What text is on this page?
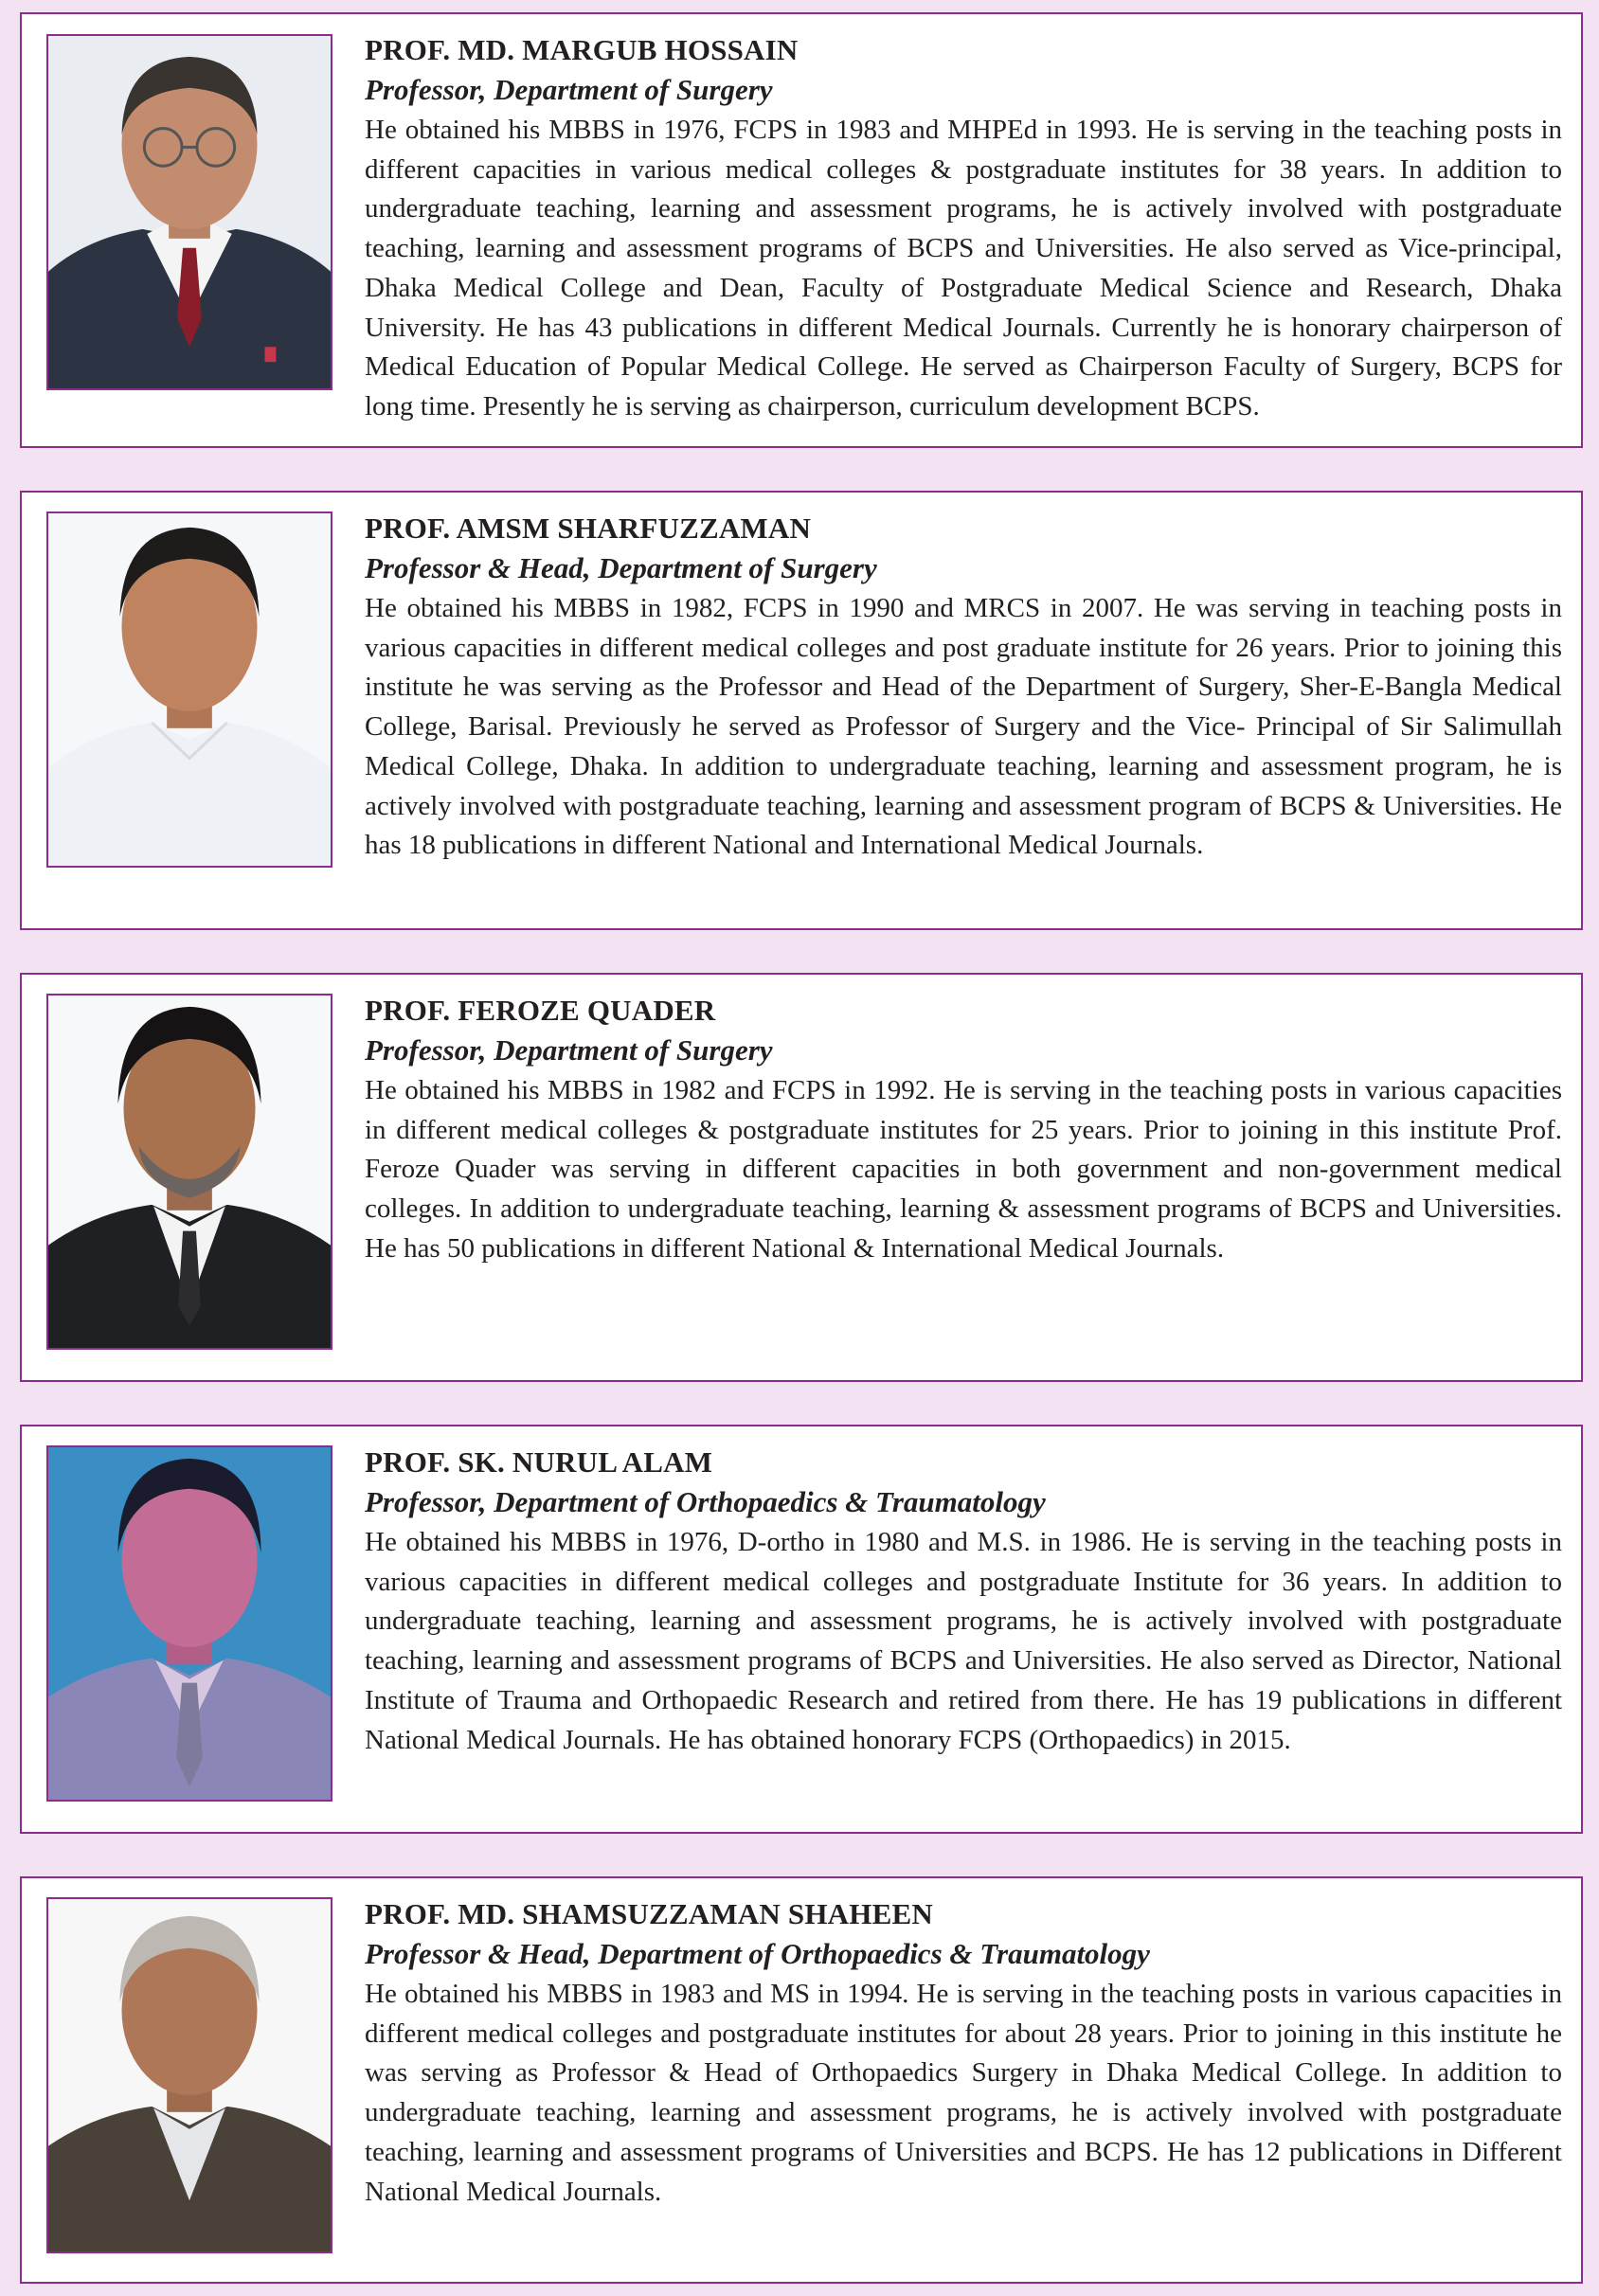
PROF. MD. MARGUB HOSSAIN

Professor, Department of Surgery

He obtained his MBBS in 1976, FCPS in 1983 and MHPEd in 1993. He is serving in the teaching posts in different capacities in various medical colleges & postgraduate institutes for 38 years. In addition to undergraduate teaching, learning and assessment programs, he is actively involved with postgraduate teaching, learning and assessment programs of BCPS and Universities. He also served as Vice-principal, Dhaka Medical College and Dean, Faculty of Postgraduate Medical Science and Research, Dhaka University. He has 43 publications in different Medical Journals. Currently he is honorary chairperson of Medical Education of Popular Medical College. He served as Chairperson Faculty of Surgery, BCPS for long time. Presently he is serving as chairperson, curriculum development BCPS.

PROF. AMSM SHARFUZZAMAN

Professor & Head, Department of Surgery

He obtained his MBBS in 1982, FCPS in 1990 and MRCS in 2007. He was serving in teaching posts in various capacities in different medical colleges and post graduate institute for 26 years. Prior to joining this institute he was serving as the Professor and Head of the Department of Surgery, Sher-E-Bangla Medical College, Barisal. Previously he served as Professor of Surgery and the Vice- Principal of Sir Salimullah Medical College, Dhaka. In addition to undergraduate teaching, learning and assessment program, he is actively involved with postgraduate teaching, learning and assessment program of BCPS & Universities. He has 18 publications in different National and International Medical Journals.

PROF. FEROZE QUADER

Professor, Department of Surgery

He obtained his MBBS in 1982 and FCPS in 1992. He is serving in the teaching posts in various capacities in different medical colleges & postgraduate institutes for 25 years. Prior to joining in this institute Prof. Feroze Quader was serving in different capacities in both government and non-government medical colleges. In addition to undergraduate teaching, learning & assessment programs of BCPS and Universities. He has 50 publications in different National & International Medical Journals.

PROF. SK. NURUL ALAM

Professor, Department of Orthopaedics & Traumatology

He obtained his MBBS in 1976, D-ortho in 1980 and M.S. in 1986. He is serving in the teaching posts in various capacities in different medical colleges and postgraduate Institute for 36 years. In addition to undergraduate teaching, learning and assessment programs, he is actively involved with postgraduate teaching, learning and assessment programs of BCPS and Universities. He also served as Director, National Institute of Trauma and Orthopaedic Research and retired from there. He has 19 publications in different National Medical Journals. He has obtained honorary FCPS (Orthopaedics) in 2015.

PROF. MD. SHAMSUZZAMAN SHAHEEN

Professor & Head, Department of Orthopaedics & Traumatology

He obtained his MBBS in 1983 and MS in 1994. He is serving in the teaching posts in various capacities in different medical colleges and postgraduate institutes for about 28 years. Prior to joining in this institute he was serving as Professor & Head of Orthopaedics Surgery in Dhaka Medical College. In addition to undergraduate teaching, learning and assessment programs, he is actively involved with postgraduate teaching, learning and assessment programs of Universities and BCPS. He has 12 publications in Different National Medical Journals.
